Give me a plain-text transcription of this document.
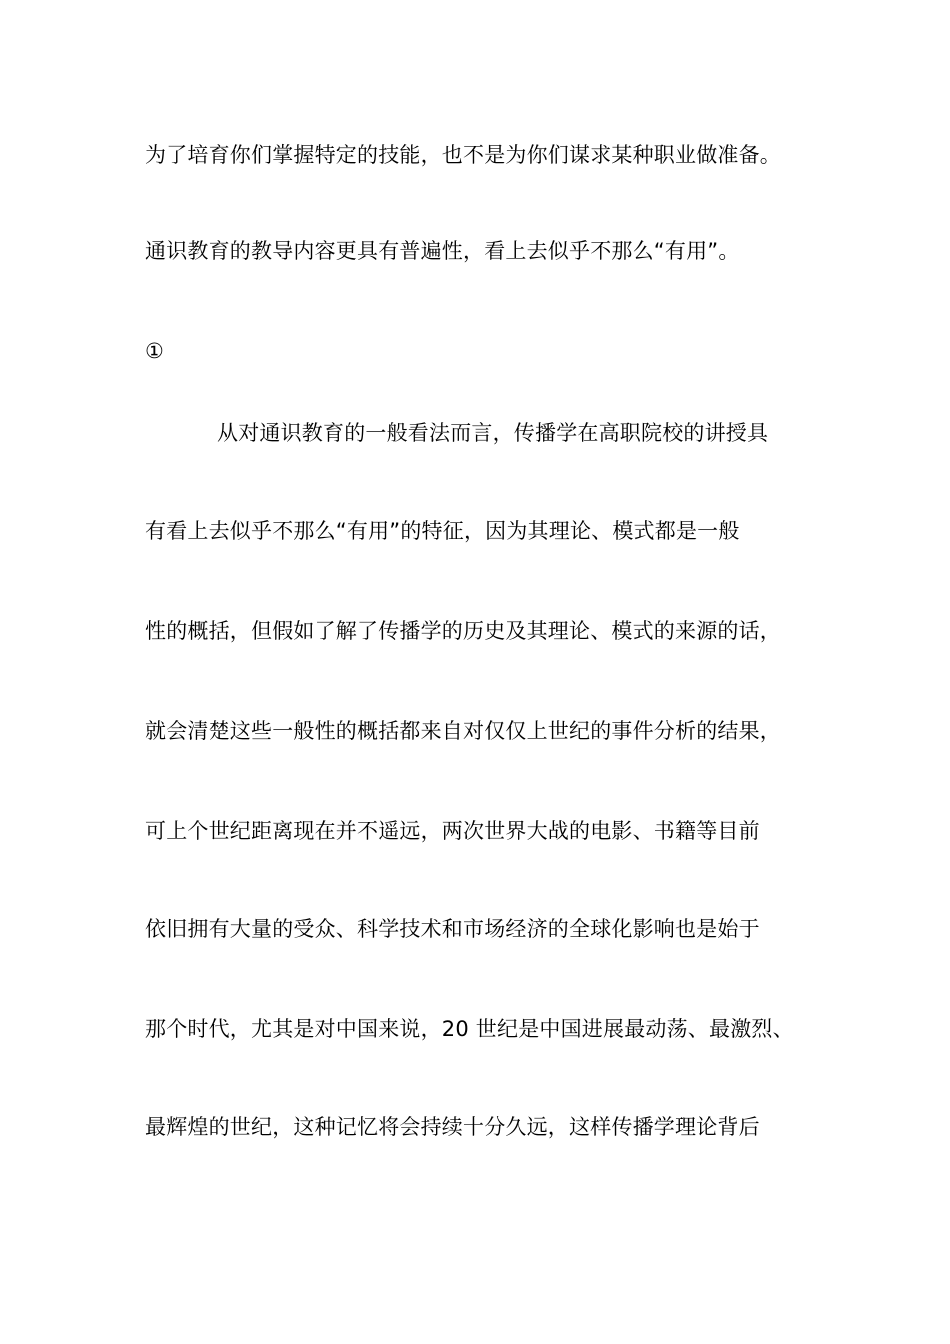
为了培育你们掌握特定的技能，也不是为你们谋求某种职业做准备。
通识教育的教导内容更具有普遍性，看上去似乎不那么“有用”。
①
从对通识教育的一般看法而言，传播学在高职院校的讲授具
有看上去似乎不那么“有用”的特征，因为其理论、模式都是一般
性的概括，但假如了解了传播学的历史及其理论、模式的来源的话，
就会清楚这些一般性的概括都来自对仅仅上世纪的事件分析的结果，
可上个世纪距离现在并不遥远，两次世界大战的电影、书籍等目前
依旧拥有大量的受众、科学技术和市场经济的全球化影响也是始于
那个时代，尤其是对中国来说，20 世纪是中国进展最动荡、最激烈、
最辉煌的世纪，这种记忆将会持续十分久远，这样传播学理论背后
